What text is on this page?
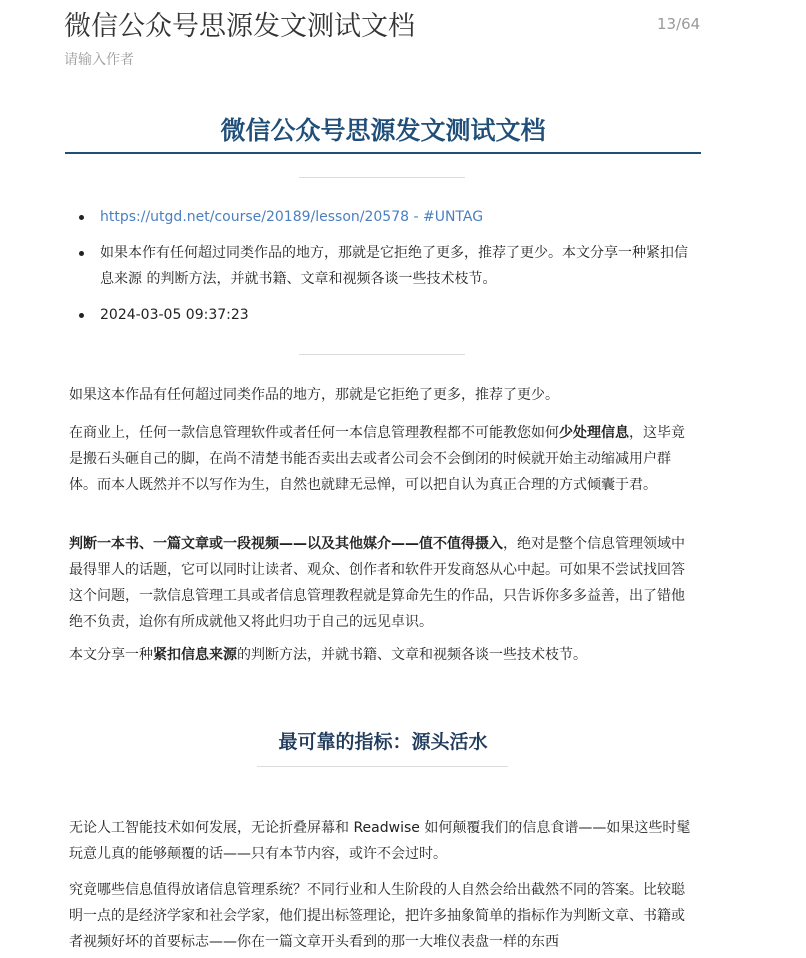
微信公众号思源发文测试文档	13/64
请输入作者
微信公众号思源发文测试文档
https://utgd.net/course/20189/lesson/20578 - #UNTAG
如果本作有任何超过同类作品的地方，那就是它拒绝了更多，推荐了更少。本文分享一种紧扣信息来源 的判断方法，并就书籍、文章和视频各谈一些技术枝节。
2024-03-05 09:37:23

如果这本作品有任何超过同类作品的地方，那就是它拒绝了更多，推荐了更少。

在商业上，任何一款信息管理软件或者任何一本信息管理教程都不可能教您如何少处理信息，这毕竟是搬石头砸自己的脚，在尚不清楚书能否卖出去或者公司会不会倒闭的时候就开始主动缩减用户群体。而本人既然并不以写作为生，自然也就肆无忌惮，可以把自认为真正合理的方式倾囊于君。

判断一本书、一篇文章或一段视频——以及其他媒介——值不值得摄入，绝对是整个信息管理领域中最得罪人的话题，它可以同时让读者、观众、创作者和软件开发商怒从心中起。可如果不尝试找回答这个问题，一款信息管理工具或者信息管理教程就是算命先生的作品，只告诉你多多益善，出了错他绝不负责，迨你有所成就他又将此归功于自己的远见卓识。

本文分享一种紧扣信息来源的判断方法，并就书籍、文章和视频各谈一些技术枝节。

最可靠的指标：源头活水

无论人工智能技术如何发展，无论折叠屏幕和 Readwise 如何颠覆我们的信息食谱——如果这些时髦玩意儿真的能够颠覆的话——只有本节内容，或许不会过时。

究竟哪些信息值得放诸信息管理系统？不同行业和人生阶段的人自然会给出截然不同的答案。比较聪明一点的是经济学家和社会学家，他们提出标签理论，把许多抽象简单的指标作为判断文章、书籍或者视频好坏的首要标志——你在一篇文章开头看到的那一大堆仪表盘一样的东西
